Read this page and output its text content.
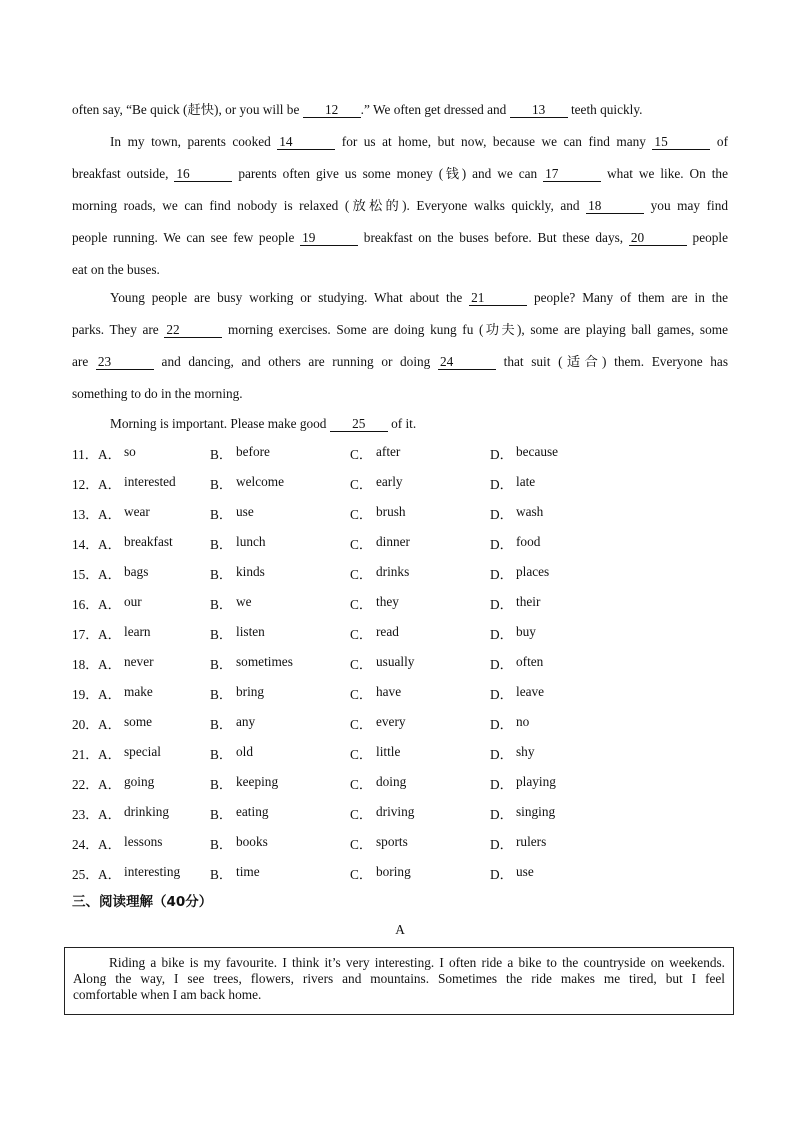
often say, “Be quick (赶快), or you will be 12 .” We often get dressed and 13 teeth quickly.
In my town, parents cooked 14	for us at home, but now, because we can find many 15	of
breakfast outside, 16	parents often give us some money (钱) and we can 17	what we like. On the
morning roads, we can find nobody is relaxed (放松的). Everyone walks quickly, and 18	you may find
people running. We can see few people 19	breakfast on the buses before. But these days, 20	people
eat on the buses.
Young people are busy working or studying. What about the 21	people? Many of them are in the
parks. They are 22	morning exercises. Some are doing kung fu (功夫), some are playing ball games, some
are 23	and dancing, and others are running or doing 24	that suit (适合) them. Everyone has
something to do in the morning.
Morning is important. Please make good 25 of it.
11． A． so	B． before	C． after	D． because
12． A． interested	B． welcome	C． early	D． late
13． A． wear	B． use	C． brush	D． wash
14． A． breakfast	B． lunch	C． dinner	D． food
15． A． bags	B． kinds	C． drinks	D． places
16． A． our	B． we	C． they	D． their
17． A． learn	B． listen	C． read	D． buy
18． A． never	B． sometimes	C． usually	D． often
19． A． make	B． bring	C． have	D． leave
20． A． some	B． any	C． every	D． no
21． A． special	B． old	C． little	D． shy
22． A． going	B． keeping	C． doing	D． playing
23． A． drinking	B． eating	C． driving	D． singing
24． A． lessons	B． books	C． sports	D． rulers
25． A． interesting B． time	C． boring	D． use
三、阅读理解（40分）
A
Riding a bike is my favourite. I think it’s very interesting. I often ride a bike to the countryside on weekends.
Along the way, I see trees, flowers, rivers and mountains. Sometimes the ride makes me tired, but I feel
comfortable when I am back home.
